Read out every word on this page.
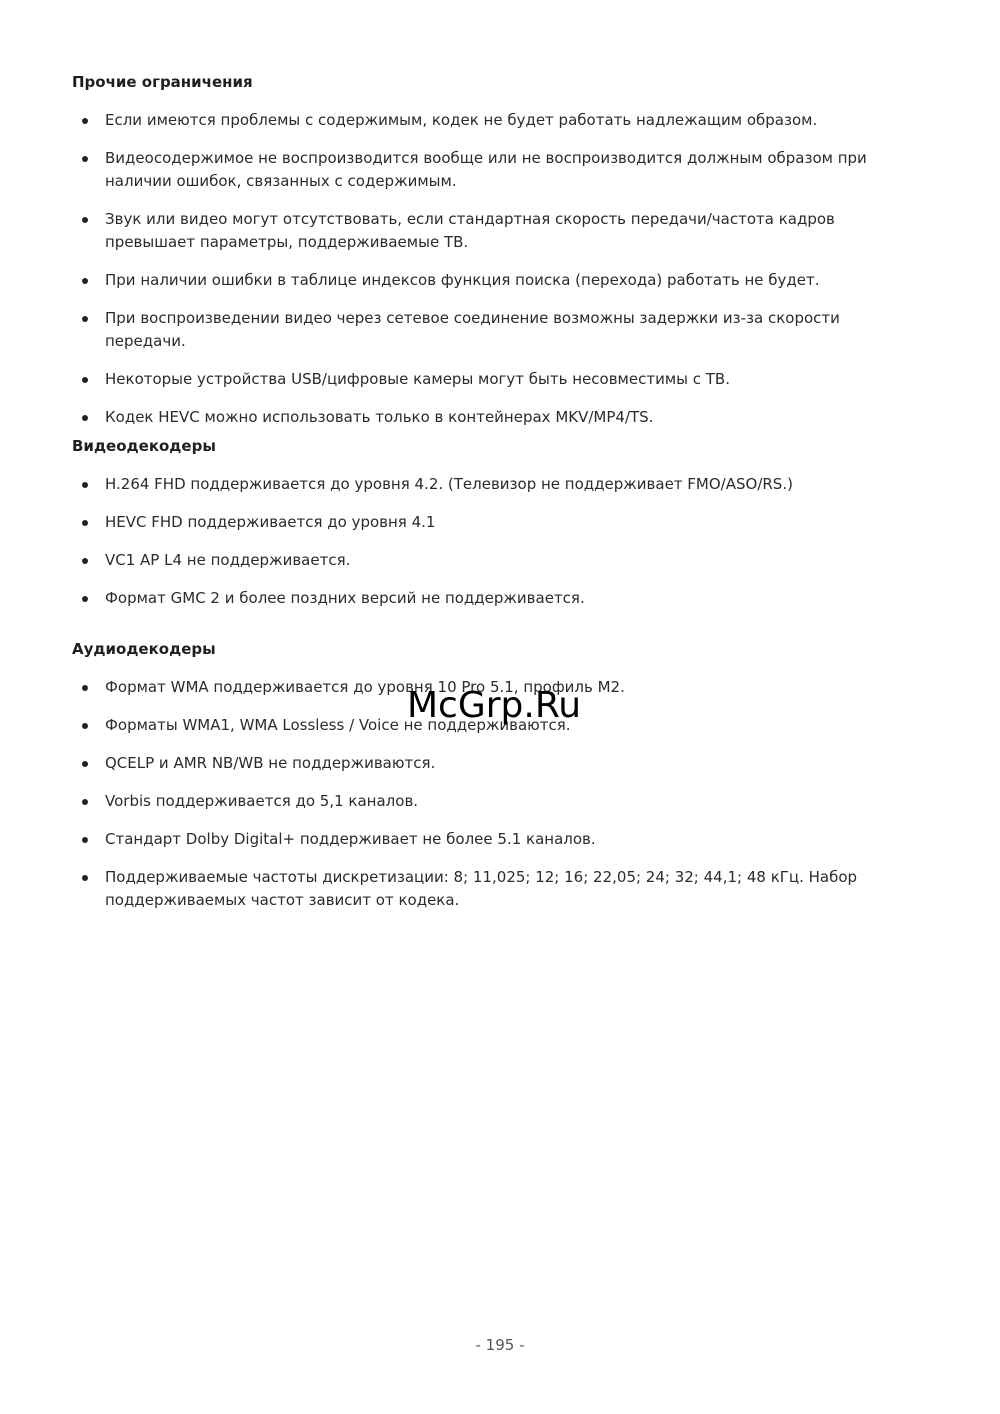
Прочие ограничения
Если имеются проблемы с содержимым, кодек не будет работать надлежащим образом.
Видеосодержимое не воспроизводится вообще или не воспроизводится должным образом при наличии ошибок, связанных с содержимым.
Звук или видео могут отсутствовать, если стандартная скорость передачи/частота кадров превышает параметры, поддерживаемые ТВ.
При наличии ошибки в таблице индексов функция поиска (перехода) работать не будет.
При воспроизведении видео через сетевое соединение возможны задержки из-за скорости передачи.
Некоторые устройства USB/цифровые камеры могут быть несовместимы с ТВ.
Кодек HEVC можно использовать только в контейнерах MKV/MP4/TS.
Видеодекодеры
H.264 FHD поддерживается до уровня 4.2. (Телевизор не поддерживает FMO/ASO/RS.)
HEVC FHD поддерживается до уровня 4.1
VC1 AP L4 не поддерживается.
Формат GMC 2 и более поздних версий не поддерживается.
Аудиодекодеры
Формат WMA поддерживается до уровня 10 Pro 5.1, профиль M2.
Форматы WMA1, WMA Lossless / Voice не поддерживаются.
QCELP и AMR NB/WB не поддерживаются.
Vorbis поддерживается до 5,1 каналов.
Стандарт Dolby Digital+ поддерживает не более 5.1 каналов.
Поддерживаемые частоты дискретизации: 8; 11,025; 12; 16; 22,05; 24; 32; 44,1; 48 кГц. Набор поддерживаемых частот зависит от кодека.
McGrp.Ru
- 195 -
